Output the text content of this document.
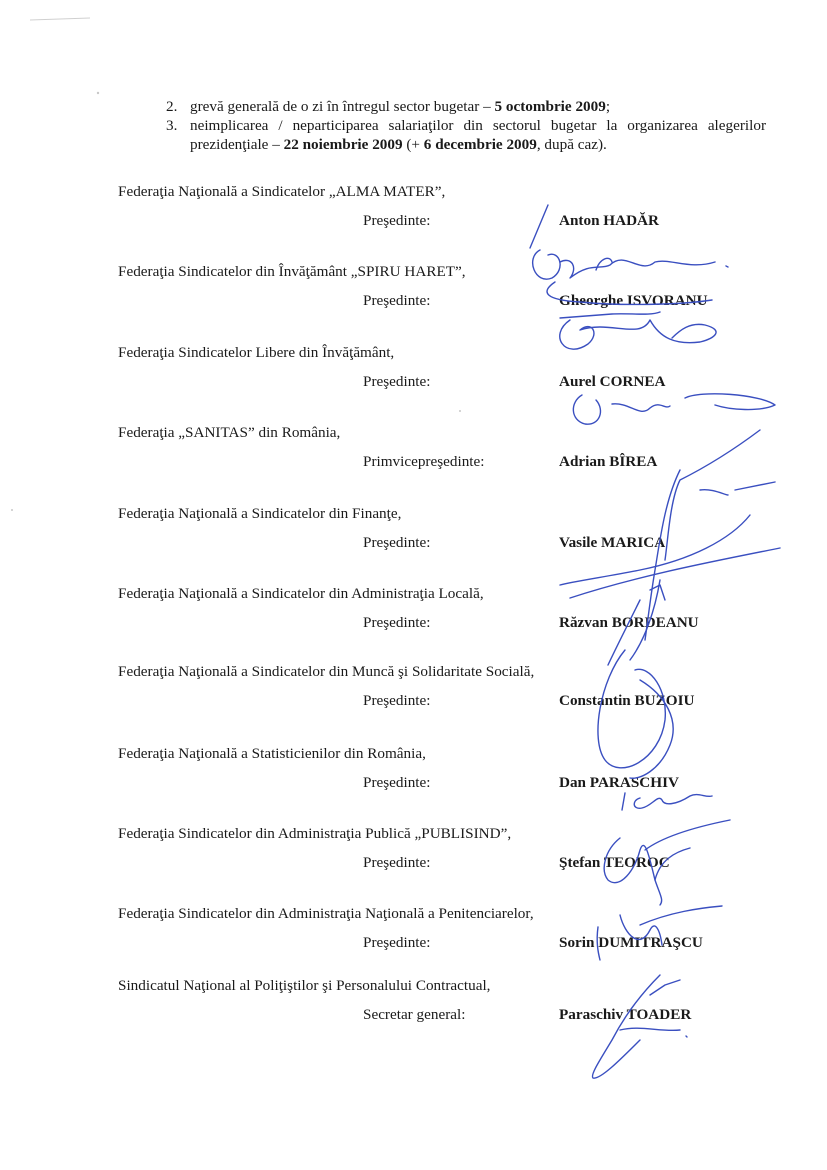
2. grevă generală de o zi în întregul sector bugetar – 5 octombrie 2009;
3. neimplicarea / neparticiparea salariaţilor din sectorul bugetar la organizarea alegerilor prezidenţiale – 22 noiembrie 2009 (+ 6 decembrie 2009, după caz).
Federaţia Naţională a Sindicatelor „ALMA MATER”,
Preşedinte:	Anton HADĂR
Federaţia Sindicatelor din Învăţământ „SPIRU HARET”,
Preşedinte:	Gheorghe ISVORANU
Federaţia Sindicatelor Libere din Învăţământ,
Preşedinte:	Aurel CORNEA
Federaţia „SANITAS” din România,
Primvicepreşedinte:	Adrian BÎREA
Federaţia Naţională a Sindicatelor din Finanţe,
Preşedinte:	Vasile MARICA
Federaţia Naţională a Sindicatelor din Administraţia Locală,
Preşedinte:	Răzvan BORDEANU
Federaţia Naţională a Sindicatelor din Muncă şi Solidaritate Socială,
Preşedinte:	Constantin BUZOIU
Federaţia Naţională a Statisticienilor din România,
Preşedinte:	Dan PARASCHIV
Federaţia Sindicatelor din Administraţia Publică „PUBLISIND”,
Preşedinte:	Ştefan TEOROC
Federaţia Sindicatelor din Administraţia Naţională a Penitenciarelor,
Preşedinte:	Sorin DUMITRAŞCU
Sindicatul Naţional al Poliţiştilor şi Personalului Contractual,
Secretar general:	Paraschiv TOADER
